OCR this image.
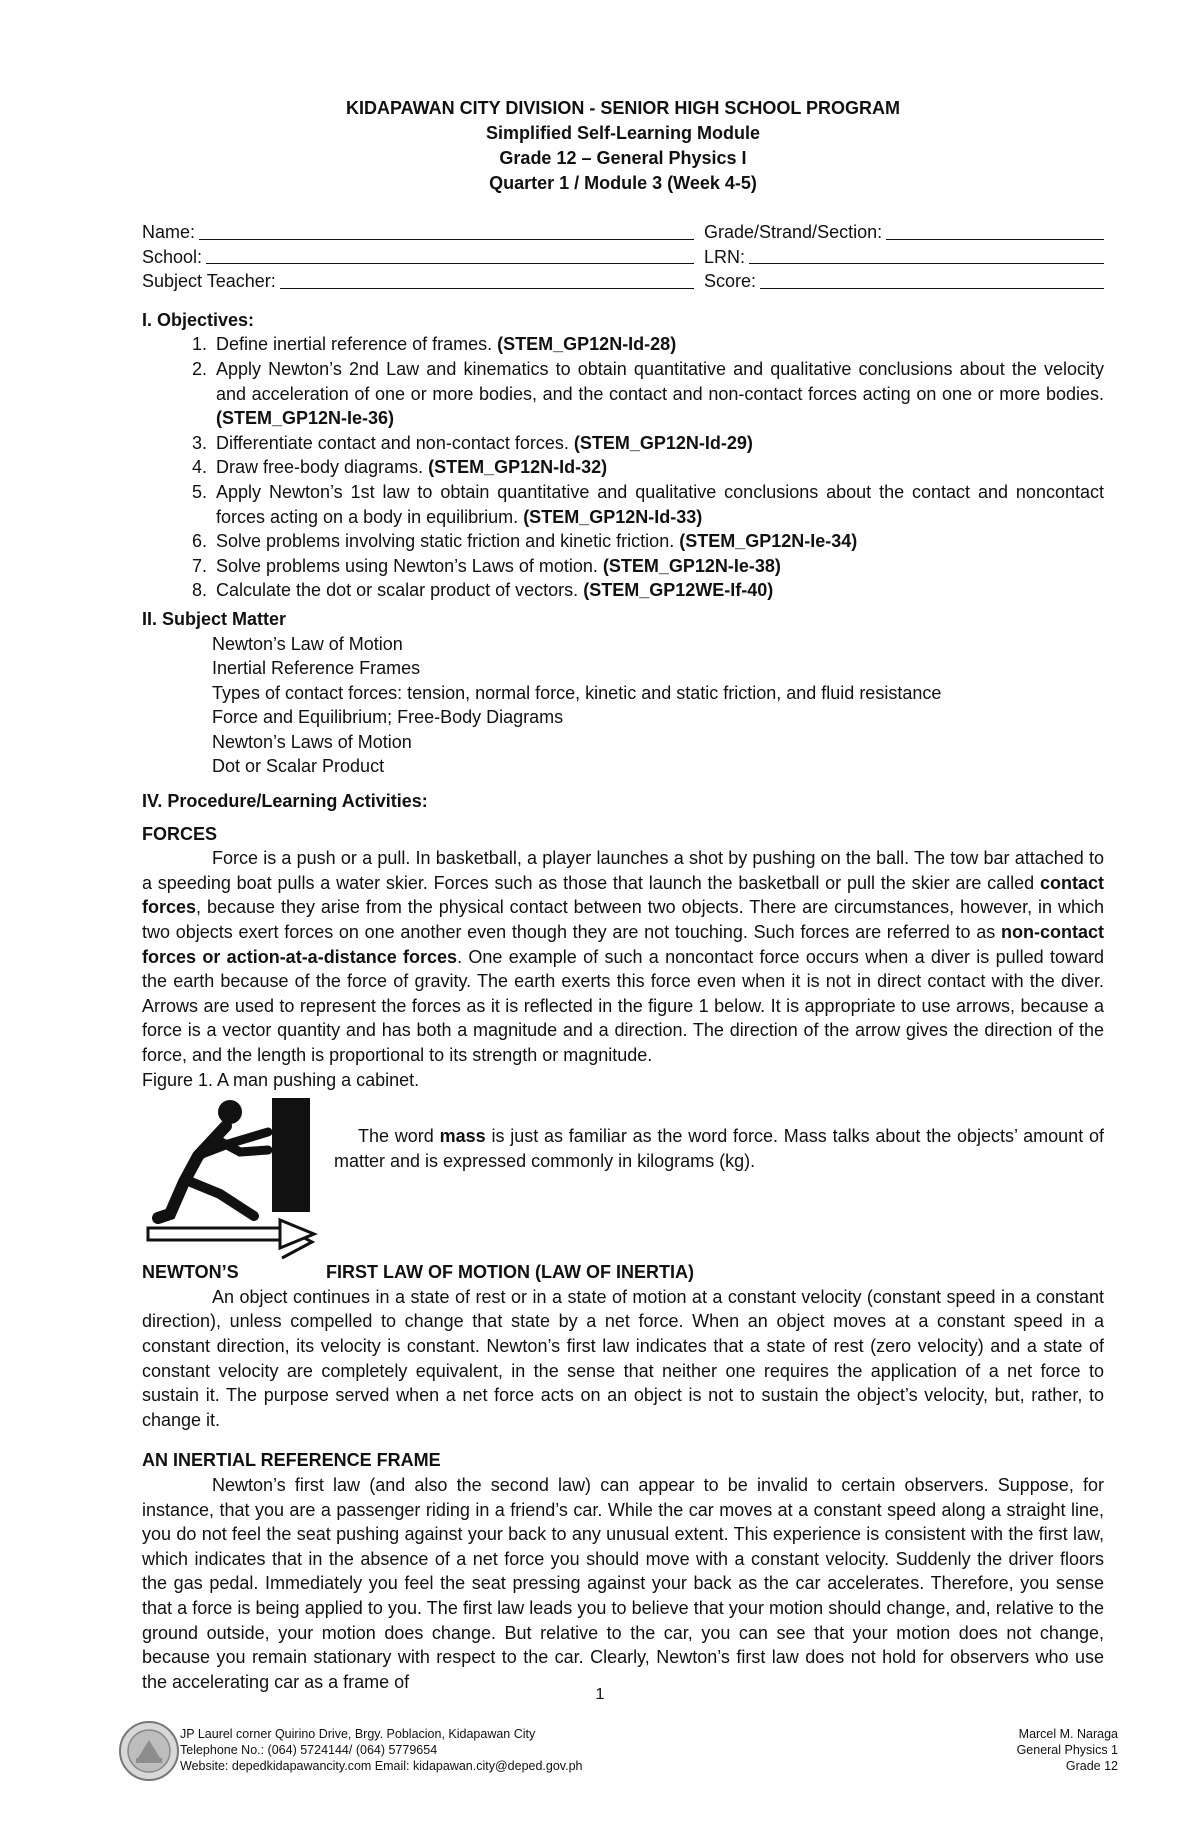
KIDAPAWAN CITY DIVISION - SENIOR HIGH SCHOOL PROGRAM
Simplified Self-Learning Module
Grade 12 – General Physics I
Quarter 1 / Module 3 (Week 4-5)
Name:	Grade/Strand/Section:
School:	LRN:
Subject Teacher:	Score:
I. Objectives:
1. Define inertial reference of frames. (STEM_GP12N-Id-28)
2. Apply Newton’s 2nd Law and kinematics to obtain quantitative and qualitative conclusions about the velocity and acceleration of one or more bodies, and the contact and non-contact forces acting on one or more bodies. (STEM_GP12N-Ie-36)
3. Differentiate contact and non-contact forces. (STEM_GP12N-Id-29)
4. Draw free-body diagrams. (STEM_GP12N-Id-32)
5. Apply Newton’s 1st law to obtain quantitative and qualitative conclusions about the contact and noncontact forces acting on a body in equilibrium. (STEM_GP12N-Id-33)
6. Solve problems involving static friction and kinetic friction. (STEM_GP12N-Ie-34)
7. Solve problems using Newton’s Laws of motion. (STEM_GP12N-Ie-38)
8. Calculate the dot or scalar product of vectors. (STEM_GP12WE-If-40)
II. Subject Matter
Newton’s Law of Motion
Inertial Reference Frames
Types of contact forces: tension, normal force, kinetic and static friction, and fluid resistance
Force and Equilibrium; Free-Body Diagrams
Newton’s Laws of Motion
Dot or Scalar Product
IV. Procedure/Learning Activities:
FORCES

Force is a push or a pull. In basketball, a player launches a shot by pushing on the ball. The tow bar attached to a speeding boat pulls a water skier. Forces such as those that launch the basketball or pull the skier are called contact forces, because they arise from the physical contact between two objects. There are circumstances, however, in which two objects exert forces on one another even though they are not touching. Such forces are referred to as non-contact forces or action-at-a-distance forces. One example of such a noncontact force occurs when a diver is pulled toward the earth because of the force of gravity. The earth exerts this force even when it is not in direct contact with the diver. Arrows are used to represent the forces as it is reflected in the figure 1 below. It is appropriate to use arrows, because a force is a vector quantity and has both a magnitude and a direction. The direction of the arrow gives the direction of the force, and the length is proportional to its strength or magnitude.

Figure 1. A man pushing a cabinet.

The word mass is just as familiar as the word force. Mass talks about the objects’ amount of matter and is expressed commonly in kilograms (kg).

NEWTON’S	FIRST LAW OF MOTION (LAW OF INERTIA)

An object continues in a state of rest or in a state of motion at a constant velocity (constant speed in a constant direction), unless compelled to change that state by a net force. When an object moves at a constant speed in a constant direction, its velocity is constant. Newton’s first law indicates that a state of rest (zero velocity) and a state of constant velocity are completely equivalent, in the sense that neither one requires the application of a net force to sustain it. The purpose served when a net force acts on an object is not to sustain the object’s velocity, but, rather, to change it.

AN INERTIAL REFERENCE FRAME

Newton’s first law (and also the second law) can appear to be invalid to certain observers. Suppose, for instance, that you are a passenger riding in a friend’s car. While the car moves at a constant speed along a straight line, you do not feel the seat pushing against your back to any unusual extent. This experience is consistent with the first law, which indicates that in the absence of a net force you should move with a constant velocity. Suddenly the driver floors the gas pedal. Immediately you feel the seat pressing against your back as the car accelerates. Therefore, you sense that a force is being applied to you. The first law leads you to believe that your motion should change, and, relative to the ground outside, your motion does change. But relative to the car, you can see that your motion does not change, because you remain stationary with respect to the car. Clearly, Newton’s first law does not hold for observers who use the accelerating car as a frame of

1
JP Laurel corner Quirino Drive, Brgy. Poblacion, Kidapawan City
Telephone No.: (064) 5724144/ (064) 5779654
Website: depedkidapawancity.com Email: kidapawan.city@deped.gov.ph
Marcel M. Naraga
General Physics 1
Grade 12
